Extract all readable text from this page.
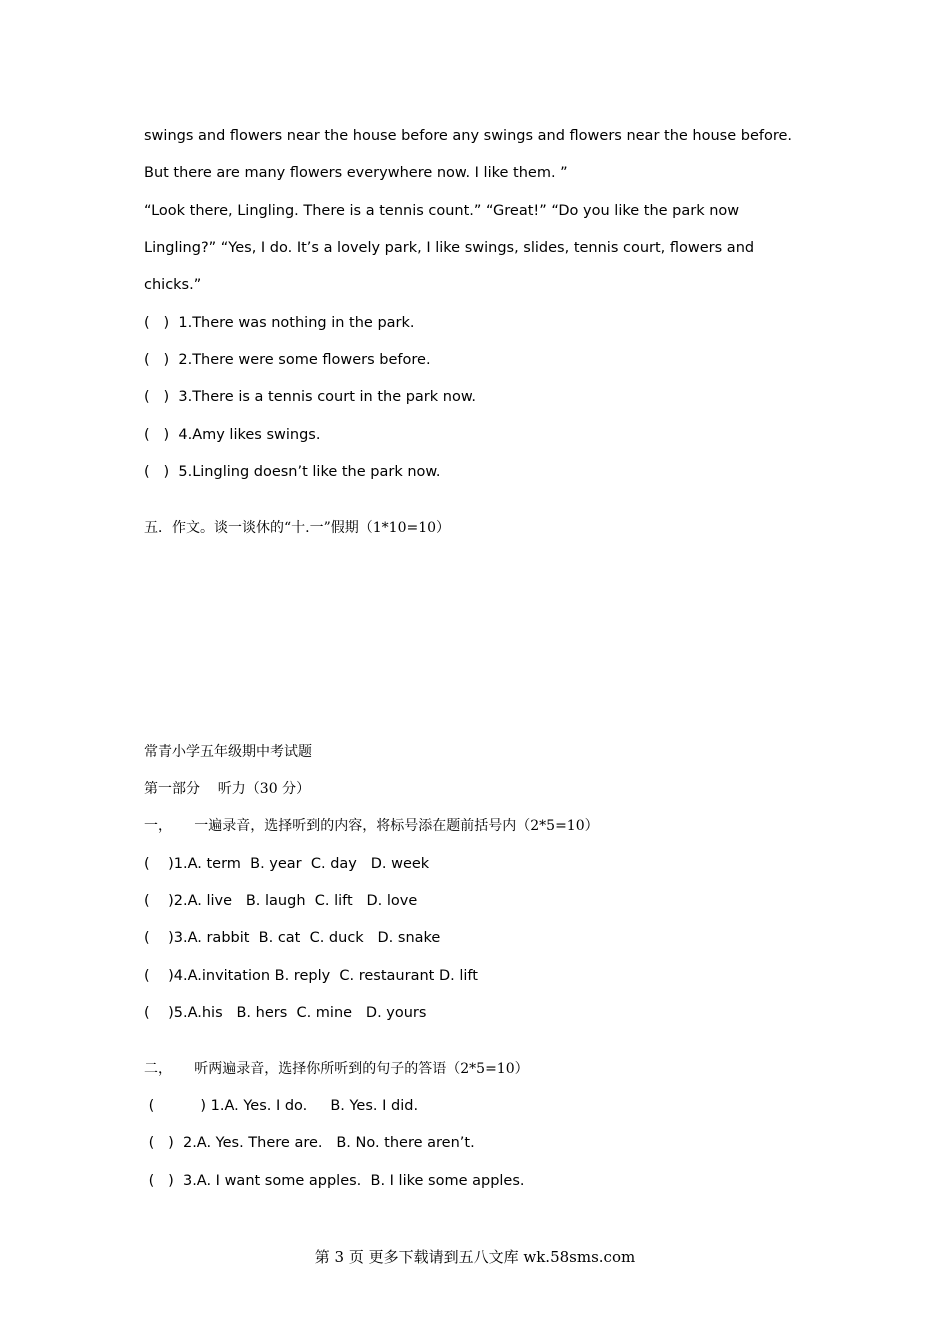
swings and flowers near the house before any swings and flowers near the house before.
But there are many flowers everywhere now. I like them. ”
“Look there, Lingling. There is a tennis count.” “Great!” “Do you like the park now
Lingling?” “Yes, I do. It’s a lovely park, I like swings, slides, tennis court, flowers and
chicks.”
(   )  1.There was nothing in the park.
(   )  2.There were some flowers before.
(   )  3.There is a tennis court in the park now.
(   )  4.Amy likes swings.
(   )  5.Lingling doesn’t like the park now.
五．作文。谈一谈休的“十.一”假期（1*10=10）
常青小学五年级期中考试题
第一部分    听力（30 分）
一，     一遍录音，选择听到的内容，将标号添在题前括号内（2*5=10）
(    )1.A. term  B. year  C. day   D. week
(    )2.A. live   B. laugh  C. lift   D. love
(    )3.A. rabbit  B. cat  C. duck   D. snake
(    )4.A.invitation B. reply  C. restaurant D. lift
(    )5.A.his   B. hers  C. mine   D. yours
二，     听两遍录音，选择你所听到的句子的答语（2*5=10）
(          ) 1.A. Yes. I do.     B. Yes. I did.
(   )  2.A. Yes. There are.   B. No. there aren’t.
(   )  3.A. I want some apples.  B. I like some apples.
第 3 页 更多下载请到五八文库 wk.58sms.com
